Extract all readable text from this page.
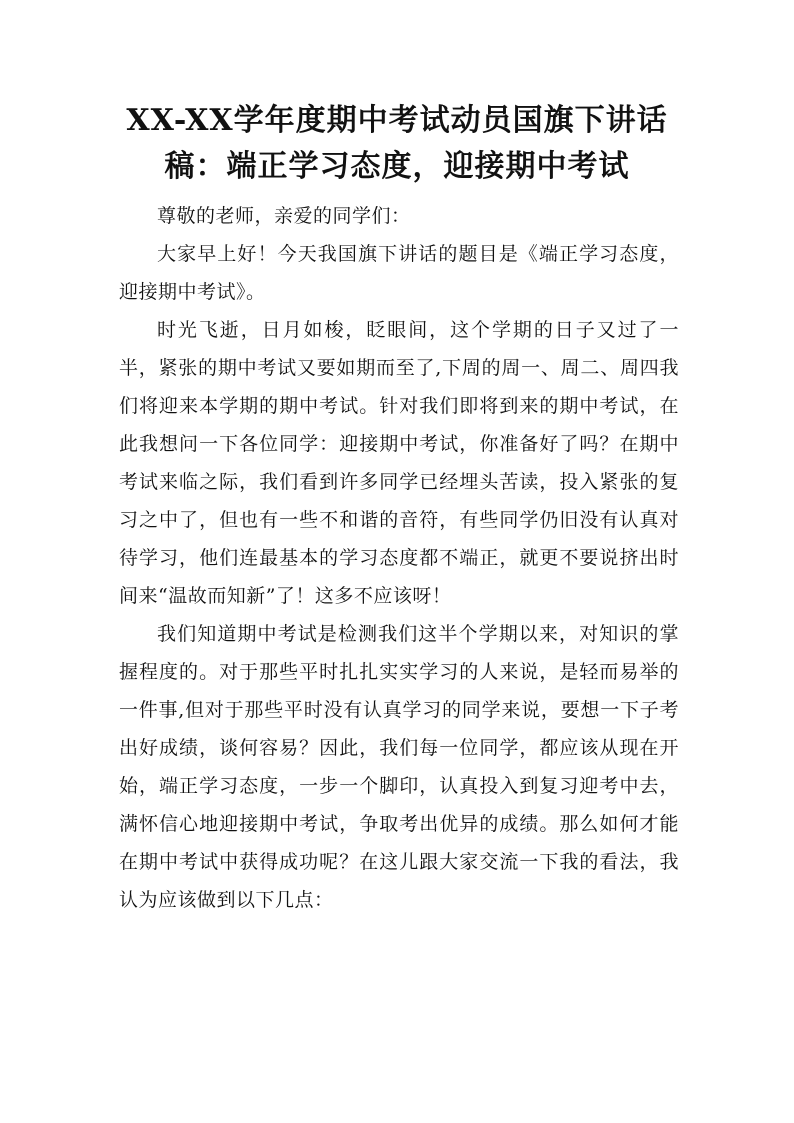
XX-XX学年度期中考试动员国旗下讲话稿：端正学习态度，迎接期中考试

尊敬的老师，亲爱的同学们：

大家早上好！今天我国旗下讲话的题目是《端正学习态度，迎接期中考试》。

时光飞逝，日月如梭，眨眼间，这个学期的日子又过了一半，紧张的期中考试又要如期而至了,下周的周一、周二、周四我们将迎来本学期的期中考试。针对我们即将到来的期中考试，在此我想问一下各位同学：迎接期中考试，你准备好了吗？在期中考试来临之际，我们看到许多同学已经埋头苦读，投入紧张的复习之中了，但也有一些不和谐的音符，有些同学仍旧没有认真对待学习，他们连最基本的学习态度都不端正，就更不要说挤出时间来“温故而知新”了！这多不应该呀！

我们知道期中考试是检测我们这半个学期以来，对知识的掌握程度的。对于那些平时扎扎实实学习的人来说，是轻而易举的一件事,但对于那些平时没有认真学习的同学来说，要想一下子考出好成绩，谈何容易？因此，我们每一位同学，都应该从现在开始，端正学习态度，一步一个脚印，认真投入到复习迎考中去，满怀信心地迎接期中考试，争取考出优异的成绩。那么如何才能在期中考试中获得成功呢？在这儿跟大家交流一下我的看法，我认为应该做到以下几点：
